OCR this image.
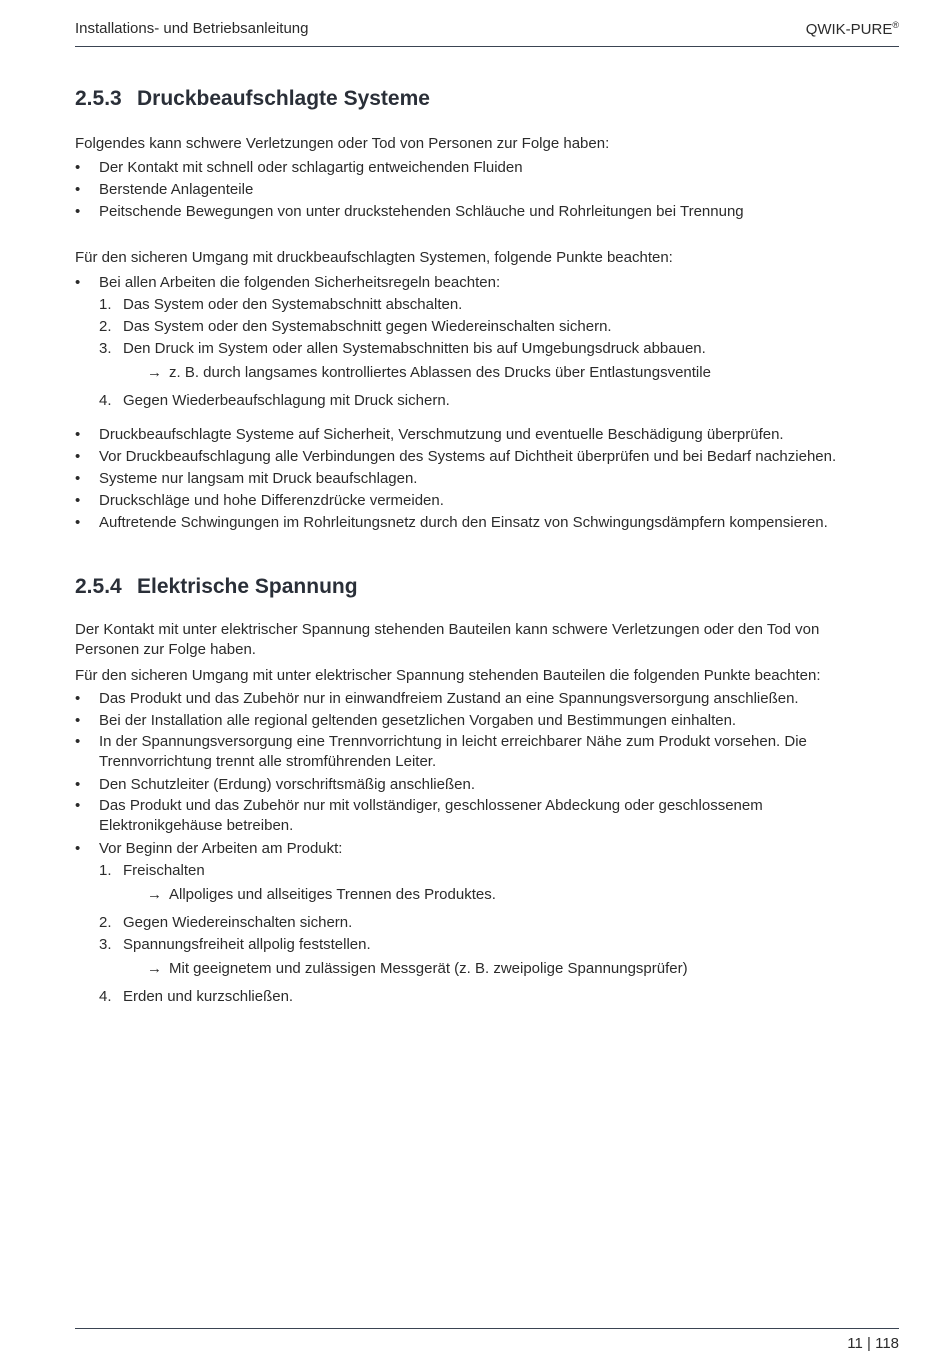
Installations- und Betriebsanleitung	QWIK-PURE®
2.5.3 Druckbeaufschlagte Systeme

Folgendes kann schwere Verletzungen oder Tod von Personen zur Folge haben:

• Der Kontakt mit schnell oder schlagartig entweichenden Fluiden
• Berstende Anlagenteile
• Peitschende Bewegungen von unter druckstehenden Schläuche und Rohrleitungen bei Trennung

Für den sicheren Umgang mit druckbeaufschlagten Systemen, folgende Punkte beachten:

• Bei allen Arbeiten die folgenden Sicherheitsregeln beachten:
1. Das System oder den Systemabschnitt abschalten.
2. Das System oder den Systemabschnitt gegen Wiedereinschalten sichern.
3. Den Druck im System oder allen Systemabschnitten bis auf Umgebungsdruck abbauen.
→ z. B. durch langsames kontrolliertes Ablassen des Drucks über Entlastungsventile
4. Gegen Wiederbeaufschlagung mit Druck sichern.
• Druckbeaufschlagte Systeme auf Sicherheit, Verschmutzung und eventuelle Beschädigung überprüfen.
• Vor Druckbeaufschlagung alle Verbindungen des Systems auf Dichtheit überprüfen und bei Bedarf nachziehen.
• Systeme nur langsam mit Druck beaufschlagen.
• Druckschläge und hohe Differenzdrücke vermeiden.
• Auftretende Schwingungen im Rohrleitungsnetz durch den Einsatz von Schwingungsdämpfern kompensieren.
2.5.4 Elektrische Spannung

Der Kontakt mit unter elektrischer Spannung stehenden Bauteilen kann schwere Verletzungen oder den Tod von Personen zur Folge haben.

Für den sicheren Umgang mit unter elektrischer Spannung stehenden Bauteilen die folgenden Punkte beachten:

• Das Produkt und das Zubehör nur in einwandfreiem Zustand an eine Spannungsversorgung anschließen.
• Bei der Installation alle regional geltenden gesetzlichen Vorgaben und Bestimmungen einhalten.
• In der Spannungsversorgung eine Trennvorrichtung in leicht erreichbarer Nähe zum Produkt vorsehen. Die Trennvorrichtung trennt alle stromführenden Leiter.
• Den Schutzleiter (Erdung) vorschriftsmäßig anschließen.
• Das Produkt und das Zubehör nur mit vollständiger, geschlossener Abdeckung oder geschlossenem Elektronikgehäuse betreiben.
• Vor Beginn der Arbeiten am Produkt:
1. Freischalten
→ Allpoliges und allseitiges Trennen des Produktes.
2. Gegen Wiedereinschalten sichern.
3. Spannungsfreiheit allpolig feststellen.
→ Mit geeignetem und zulässigen Messgerät (z. B. zweipolige Spannungsprüfer)
4. Erden und kurzschließen.
11 | 118
